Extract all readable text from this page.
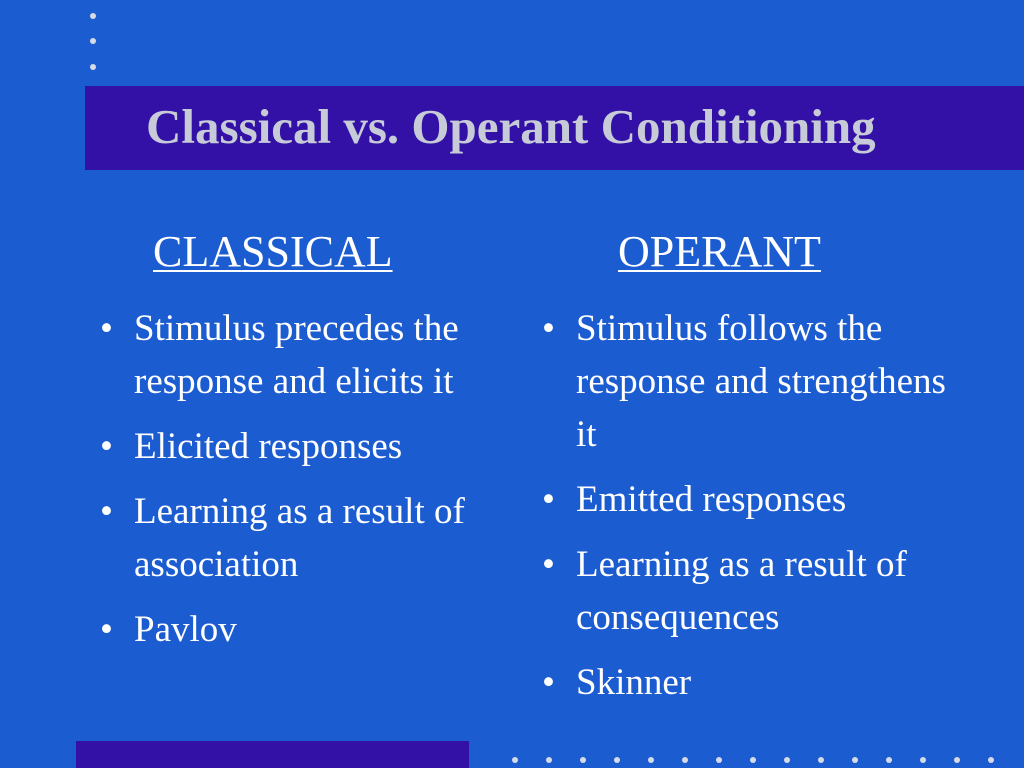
Classical vs. Operant Conditioning
CLASSICAL
• Stimulus precedes the response and elicits it
• Elicited responses
• Learning as a result of association
• Pavlov
OPERANT
• Stimulus follows the response and strengthens it
• Emitted responses
• Learning as a result of consequences
• Skinner
